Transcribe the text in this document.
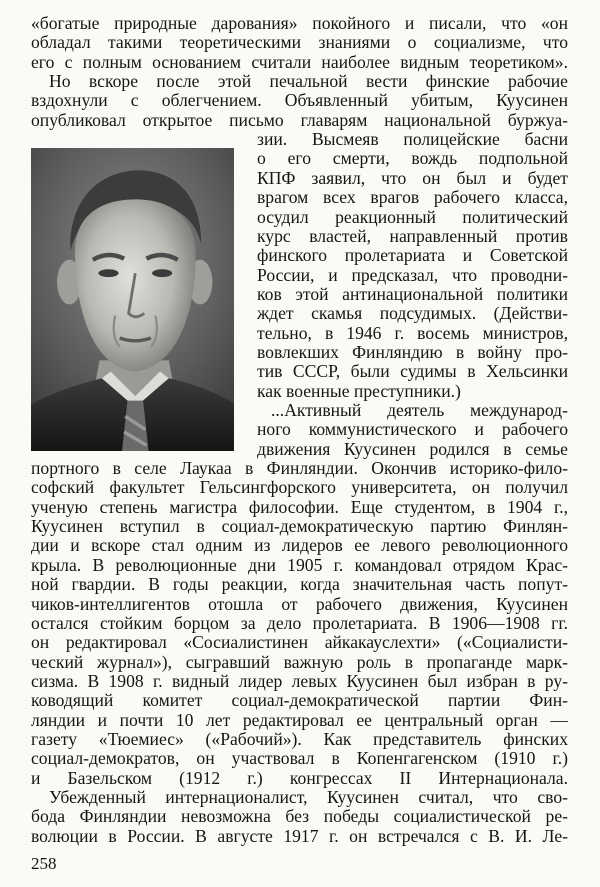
«богатые природные дарования» покойного и писали, что «он

обладал такими теоретическими знаниями о социализме, что

его с полным основанием считали наиболее видным теоретиком».

Но вскоре после этой печальной вести финские рабочие

вздохнули с облегчением. Объявленный убитым, Куусинен

опубликовал открытое письмо главарям национальной буржуа-

зии. Высмеяв полицейские басни

о его смерти, вождь подпольной

КПФ заявил, что он был и будет

врагом всех врагов рабочего класса,

осудил реакционный политический

курс властей, направленный против

финского пролетариата и Советской

России, и предсказал, что проводни-

ков этой антинациональной политики

ждет скамья подсудимых. (Действи-

тельно, в 1946 г. восемь министров,

вовлекших Финляндию в войну про-

тив СССР, были судимы в Хельсинки

как военные преступники.)

...Активный деятель международ-

ного коммунистического и рабочего

движения Куусинен родился в семье

портного в селе Лаукаа в Финляндии. Окончив историко-фило-

софский факультет Гельсингфорского университета, он получил

ученую степень магистра философии. Еще студентом, в 1904 г.,

Куусинен вступил в социал-демократическую партию Финлян-

дии и вскоре стал одним из лидеров ее левого революционного

крыла. В революционные дни 1905 г. командовал отрядом Крас-

ной гвардии. В годы реакции, когда значительная часть попут-

чиков-интеллигентов отошла от рабочего движения, Куусинен

остался стойким борцом за дело пролетариата. В 1906—1908 гг.

он редактировал «Сосиалистинен айкакауслехти» («Социалисти-

ческий журнал»), сыгравший важную роль в пропаганде марк-

сизма. В 1908 г. видный лидер левых Куусинен был избран в ру-

ководящий комитет социал-демократической партии Фин-

ляндии и почти 10 лет редактировал ее центральный орган —

газету «Тюемиес» («Рабочий»). Как представитель финских

социал-демократов, он участвовал в Копенгагенском (1910 г.)

и Базельском (1912 г.) конгрессах II Интернационала.

Убежденный интернационалист, Куусинен считал, что сво-

бода Финляндии невозможна без победы социалистической ре-

волюции в России. В августе 1917 г. он встречался с В. И. Ле-

258
